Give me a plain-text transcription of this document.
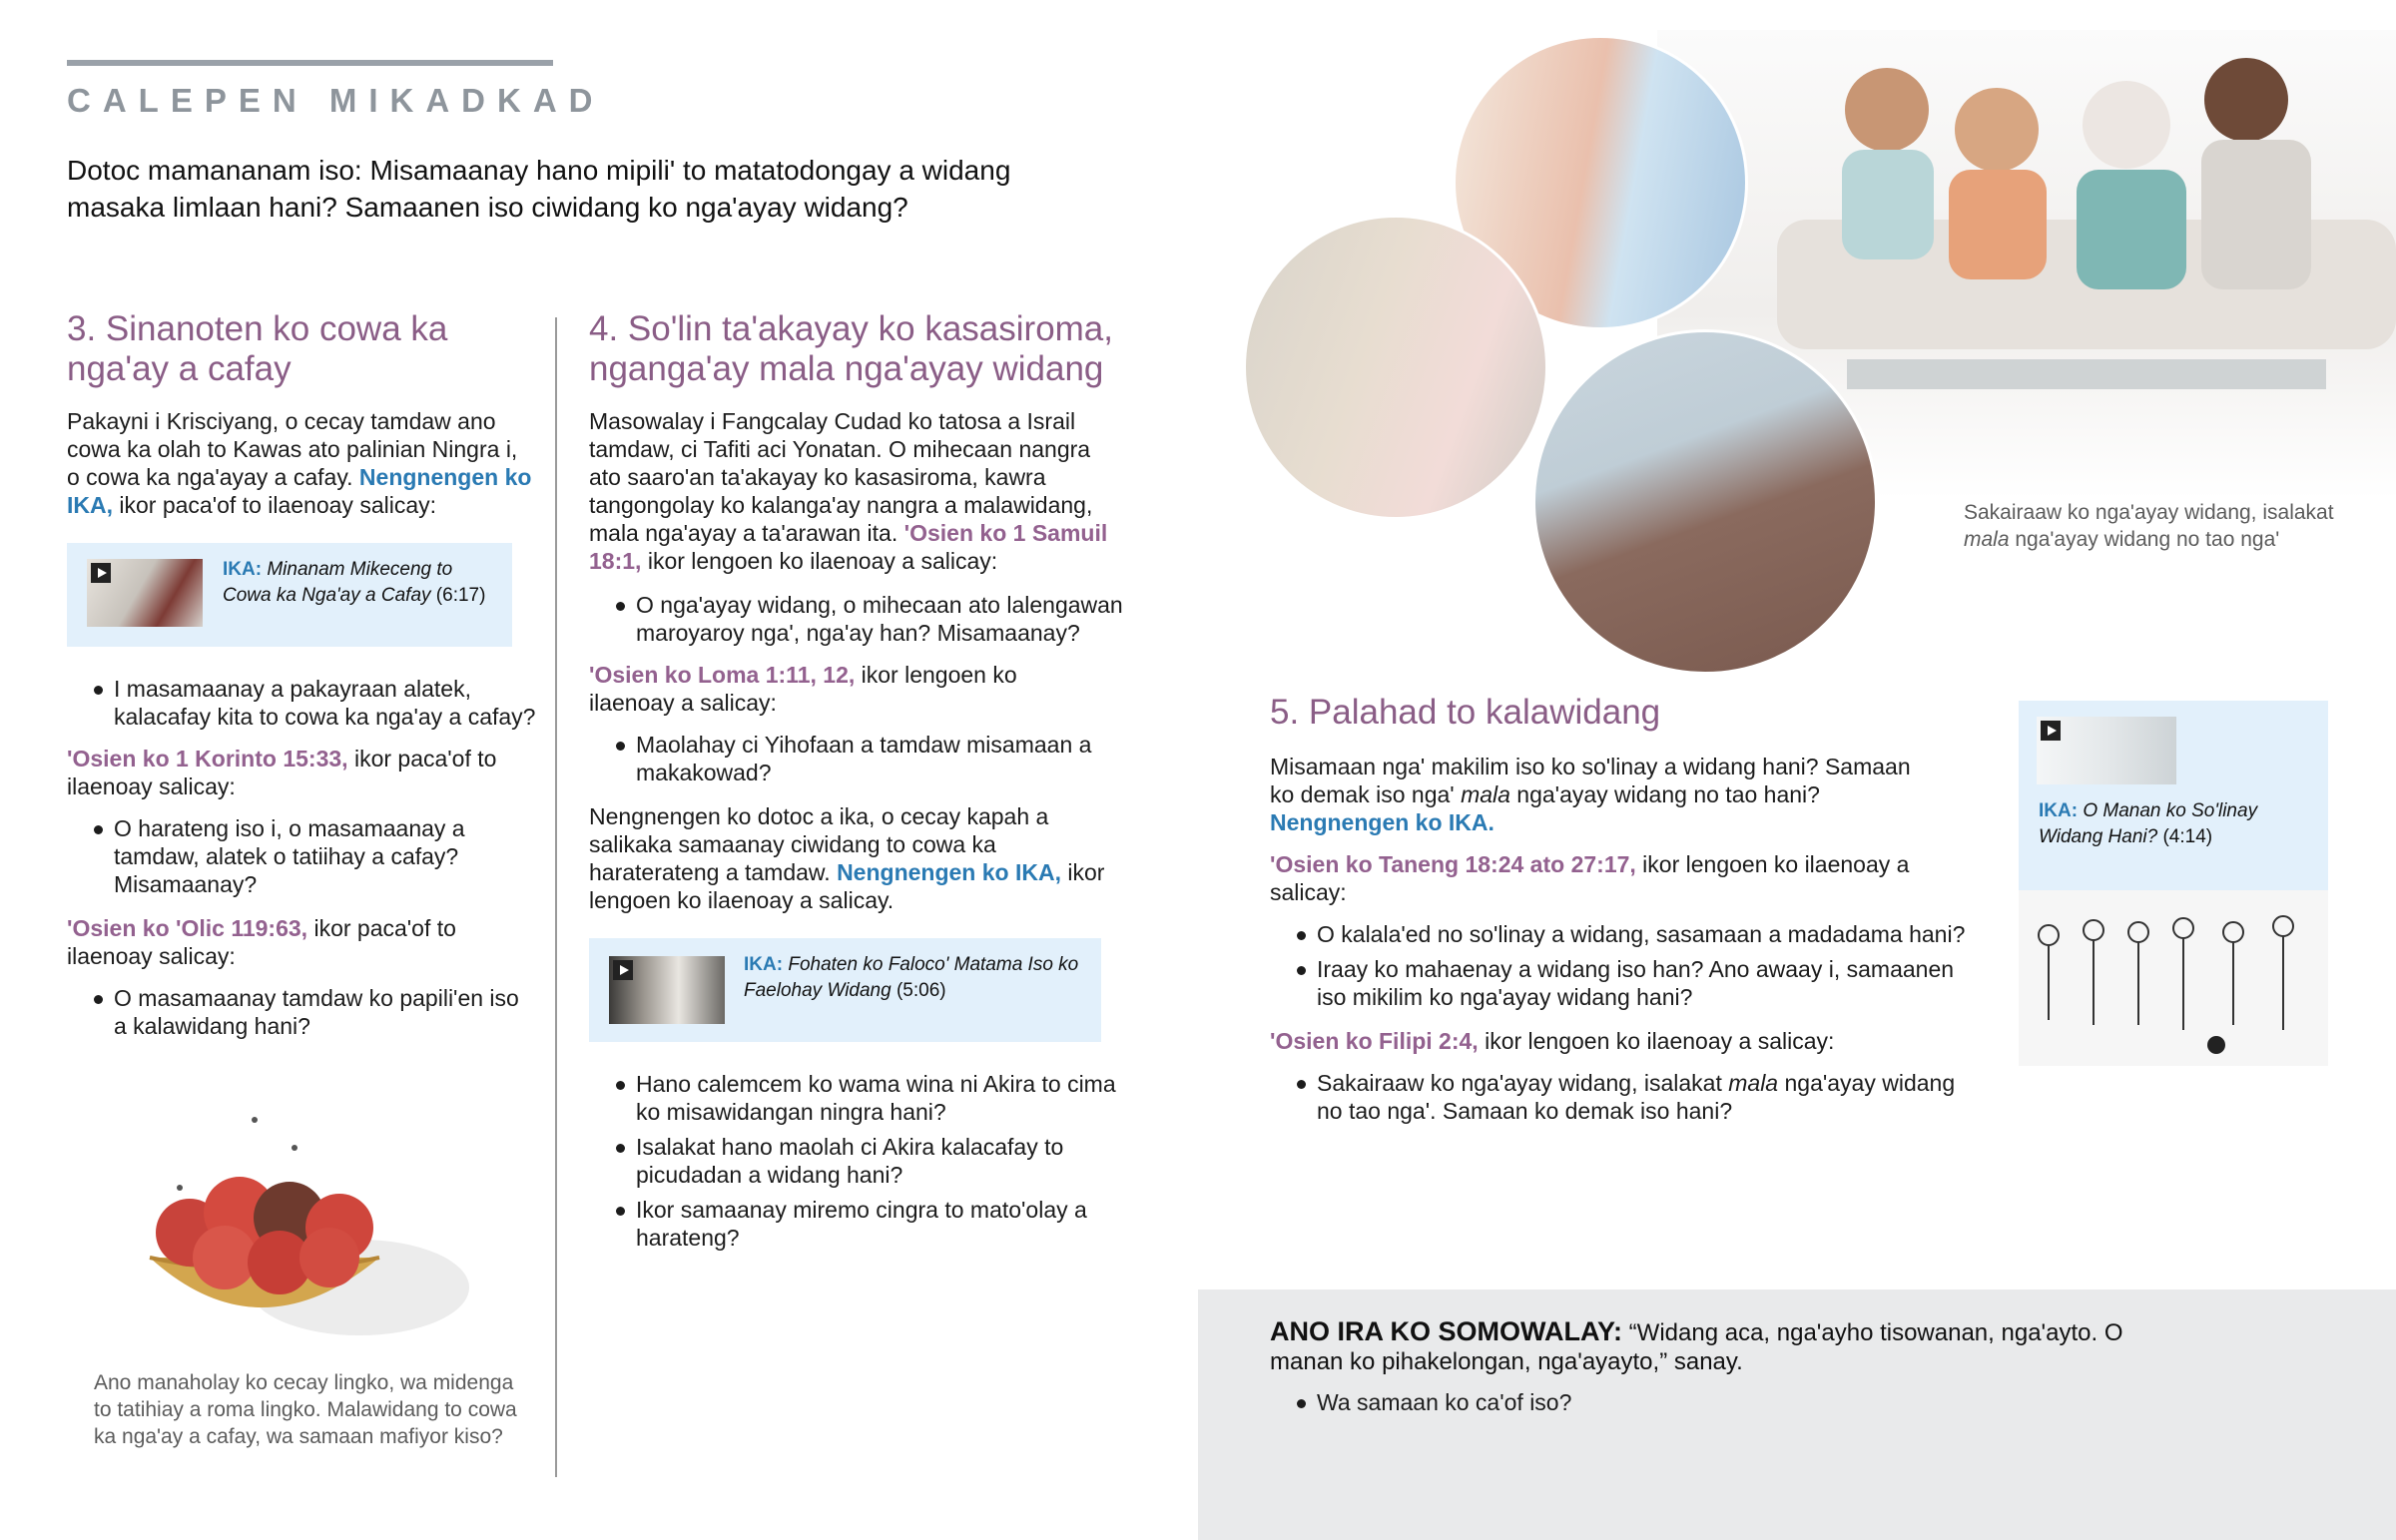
CALEPEN MIKADKAD

Dotoc mamananam iso: Misamaanay hano mipili' to matatodongay a widang masaka limlaan hani? Samaanen iso ciwidang ko nga'ayay widang?

3. Sinanoten ko cowa ka nga'ay a cafay

Pakayni i Krisciyang, o cecay tamdaw ano cowa ka olah to Kawas ato palinian Ningra i, o cowa ka nga'ayay a cafay. Nengnengen ko IKA, ikor paca'of to ilaenoay salicay:

IKA: Minanam Mikeceng to Cowa ka Nga'ay a Cafay (6:17)
I masamaanay a pakayraan alatek, kalacafay kita to cowa ka nga'ay a cafay?

'Osien ko 1 Korinto 15:33, ikor paca'of to ilaenoay salicay:

O harateng iso i, o masamaanay a tamdaw, alatek o tatiihay a cafay? Misamaanay?

'Osien ko 'Olic 119:63, ikor paca'of to ilaenoay salicay:

O masamaanay tamdaw ko papili'en iso a kalawidang hani?

Ano manaholay ko cecay lingko, wa midenga to tatihiay a roma lingko. Malawidang to cowa ka nga'ay a cafay, wa samaan mafiyor kiso?

4. So'lin ta'akayay ko kasasiroma, nganga'ay mala nga'ayay widang

Masowalay i Fangcalay Cudad ko tatosa a Israil tamdaw, ci Tafiti aci Yonatan. O mihecaan nangra ato saaro'an ta'akayay ko kasasiroma, kawra tangongolay ko kalanga'ay nangra a malawidang, mala nga'ayay a ta'arawan ita. 'Osien ko 1 Samuil 18:1, ikor lengoen ko ilaenoay a salicay:

O nga'ayay widang, o mihecaan ato lalengawan maroyaroy nga', nga'ay han? Misamaanay?

'Osien ko Loma 1:11, 12, ikor lengoen ko ilaenoay a salicay:

Maolahay ci Yihofaan a tamdaw misamaan a makakowad?

Nengnengen ko dotoc a ika, o cecay kapah a salikaka samaanay ciwidang to cowa ka haraterateng a tamdaw. Nengnengen ko IKA, ikor lengoen ko ilaenoay a salicay.

IKA: Fohaten ko Faloco' Matama Iso ko Faelohay Widang (5:06)
Hano calemcem ko wama wina ni Akira to cima ko misawidangan ningra hani?
Isalakat hano maolah ci Akira kalacafay to picudadan a widang hani?
Ikor samaanay miremo cingra to mato'olay a harateng?

Sakairaaw ko nga'ayay widang, isalakat
mala nga'ayay widang no tao nga'

5. Palahad to kalawidang

Misamaan nga' makilim iso ko so'linay a widang hani? Samaan ko demak iso nga' mala nga'ayay widang no tao hani? Nengnengen ko IKA.

'Osien ko Taneng 18:24 ato 27:17, ikor lengoen ko ilaenoay a salicay:

O kalala'ed no so'linay a widang, sasamaan a madadama hani?
Iraay ko mahaenay a widang iso han? Ano awaay i, samaanen iso mikilim ko nga'ayay widang hani?

'Osien ko Filipi 2:4, ikor lengoen ko ilaenoay a salicay:

Sakairaaw ko nga'ayay widang, isalakat mala nga'ayay widang no tao nga'. Samaan ko demak iso hani?
IKA: O Manan ko So'linay Widang Hani? (4:14)

ANO IRA KO SOMOWALAY: “Widang aca, nga'ayho tisowanan, nga'ayto. O manan ko pihakelongan, nga'ayayto,” sanay.

Wa samaan ko ca'of iso?
